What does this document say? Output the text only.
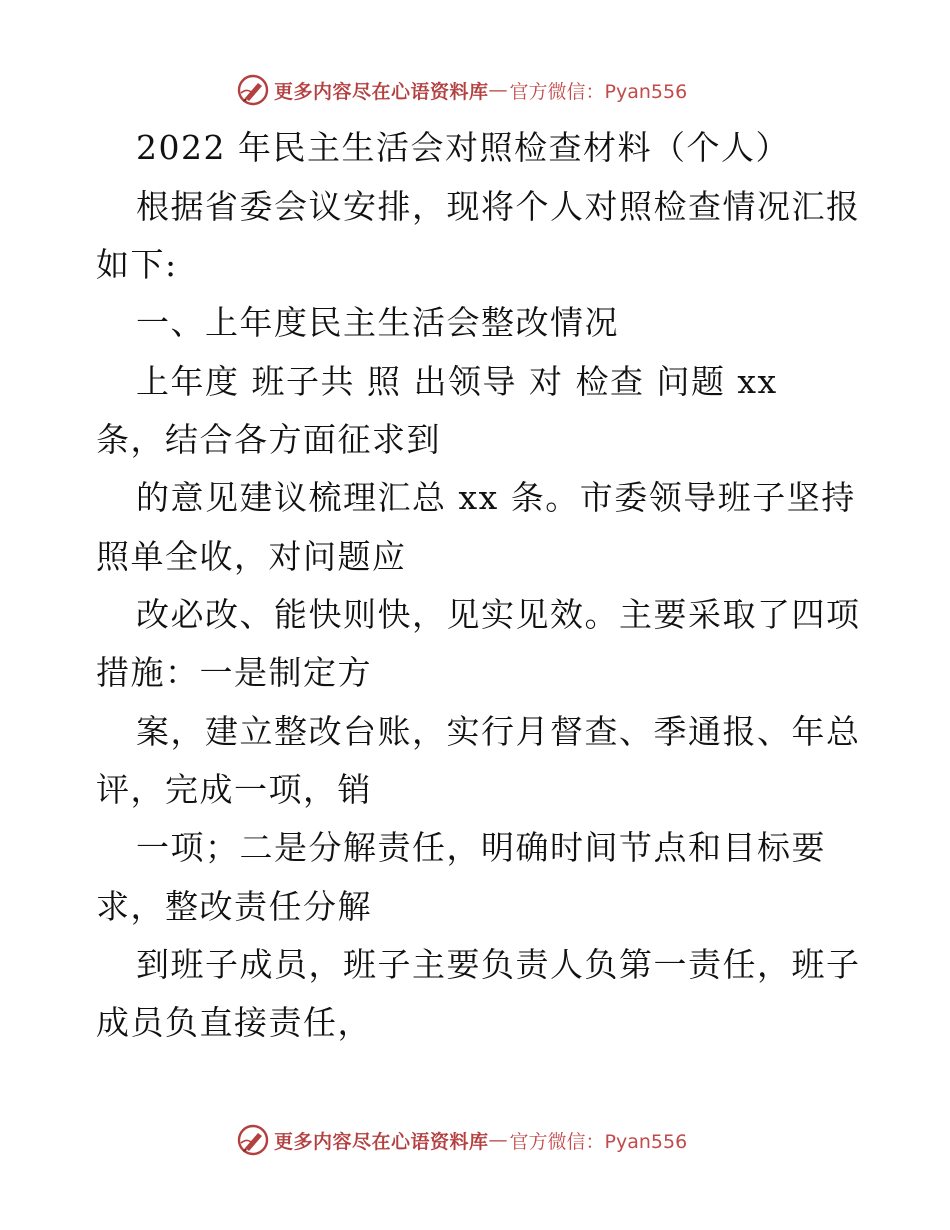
更多内容尽在心语资料库 — 官方微信：Pyan556
2022 年民主生活会对照检查材料（个人）
根据省委会议安排，现将个人对照检查情况汇报
如下:
一、上年度民主生活会整改情况
上年度 班子共 照 出领导 对 检查 问题 xx
条，结合各方面征求到
的意见建议梳理汇总 xx 条。市委领导班子坚持
照单全收，对问题应
改必改、能快则快，见实见效。主要采取了四项
措施：一是制定方
案，建立整改台账，实行月督查、季通报、年总
评，完成一项，销
一项；二是分解责任，明确时间节点和目标要
求，整改责任分解
到班子成员，班子主要负责人负第一责任，班子
成员负直接责任，
更多内容尽在心语资料库 — 官方微信：Pyan556
